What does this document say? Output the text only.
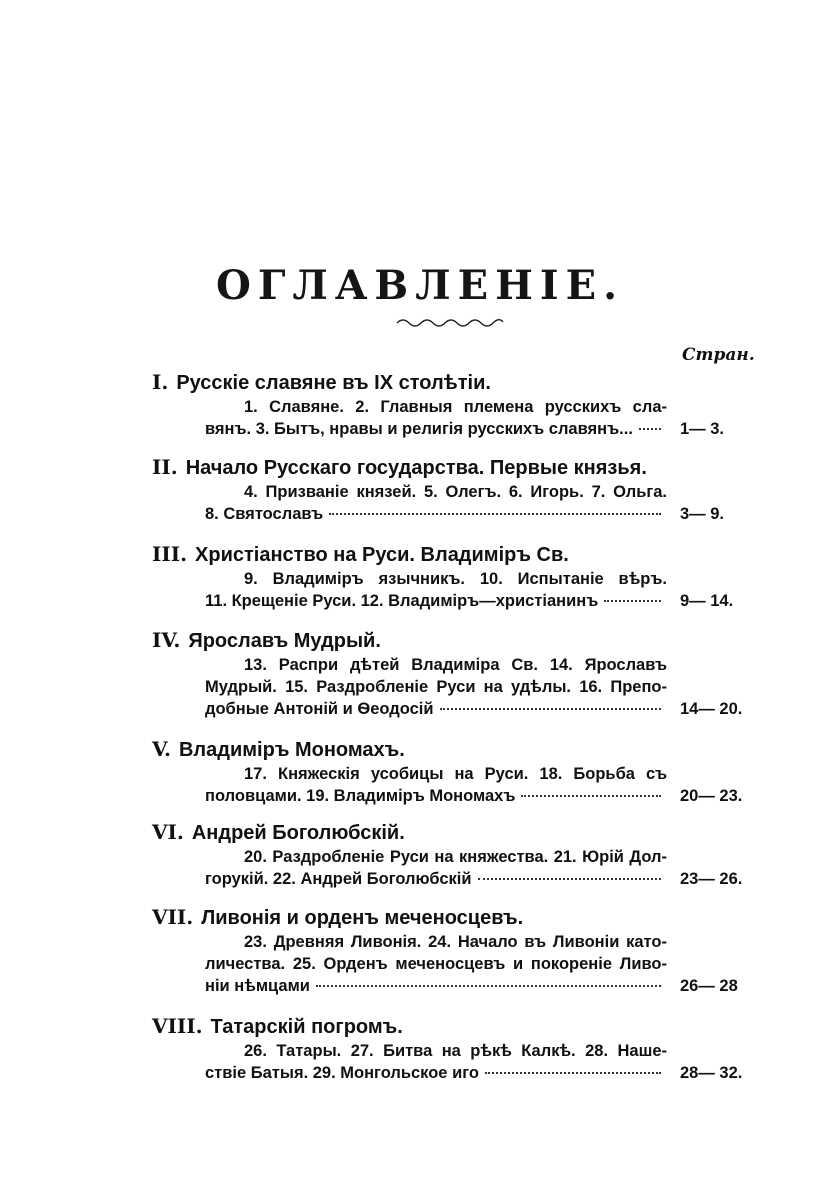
ОГЛАВЛЕНІЕ.
Стран.
I. Русскіе славяне въ IX столѣтіи.
1. Славяне. 2. Главныя племена русскихъ сла-
вянъ. 3. Бытъ, нравы и религія русскихъ славянъ...	1— 3.
II. Начало Русскаго государства. Первые князья.
4. Призваніе князей. 5. Олегъ. 6. Игорь. 7. Ольга.
8. Святославъ	3— 9.
III. Христіанство на Руси. Владиміръ Св.
9. Владиміръ язычникъ. 10. Испытаніе вѣръ.
11. Крещеніе Руси. 12. Владиміръ—христіанинъ	9— 14.
IV. Ярославъ Мудрый.
13. Распри дѣтей Владиміра Св. 14. Ярославъ
Мудрый. 15. Раздробленіе Руси на удѣлы. 16. Препо-
добные Антоній и Ѳеодосій	14— 20.
V. Владиміръ Мономахъ.
17. Княжескія усобицы на Руси. 18. Борьба съ
половцами. 19. Владиміръ Мономахъ	20— 23.
VI. Андрей Боголюбскій.
20. Раздробленіе Руси на княжества. 21. Юрій Дол-
горукій. 22. Андрей Боголюбскій	23— 26.
VII. Ливонія и орденъ меченосцевъ.
23. Древняя Ливонія. 24. Начало въ Ливоніи като-
личества. 25. Орденъ меченосцевъ и покореніе Ливо-
ніи нѣмцами	26— 28
VIII. Татарскій погромъ.
26. Татары. 27. Битва на рѣкѣ Калкѣ. 28. Наше-
ствіе Батыя. 29. Монгольское иго	28— 32.
